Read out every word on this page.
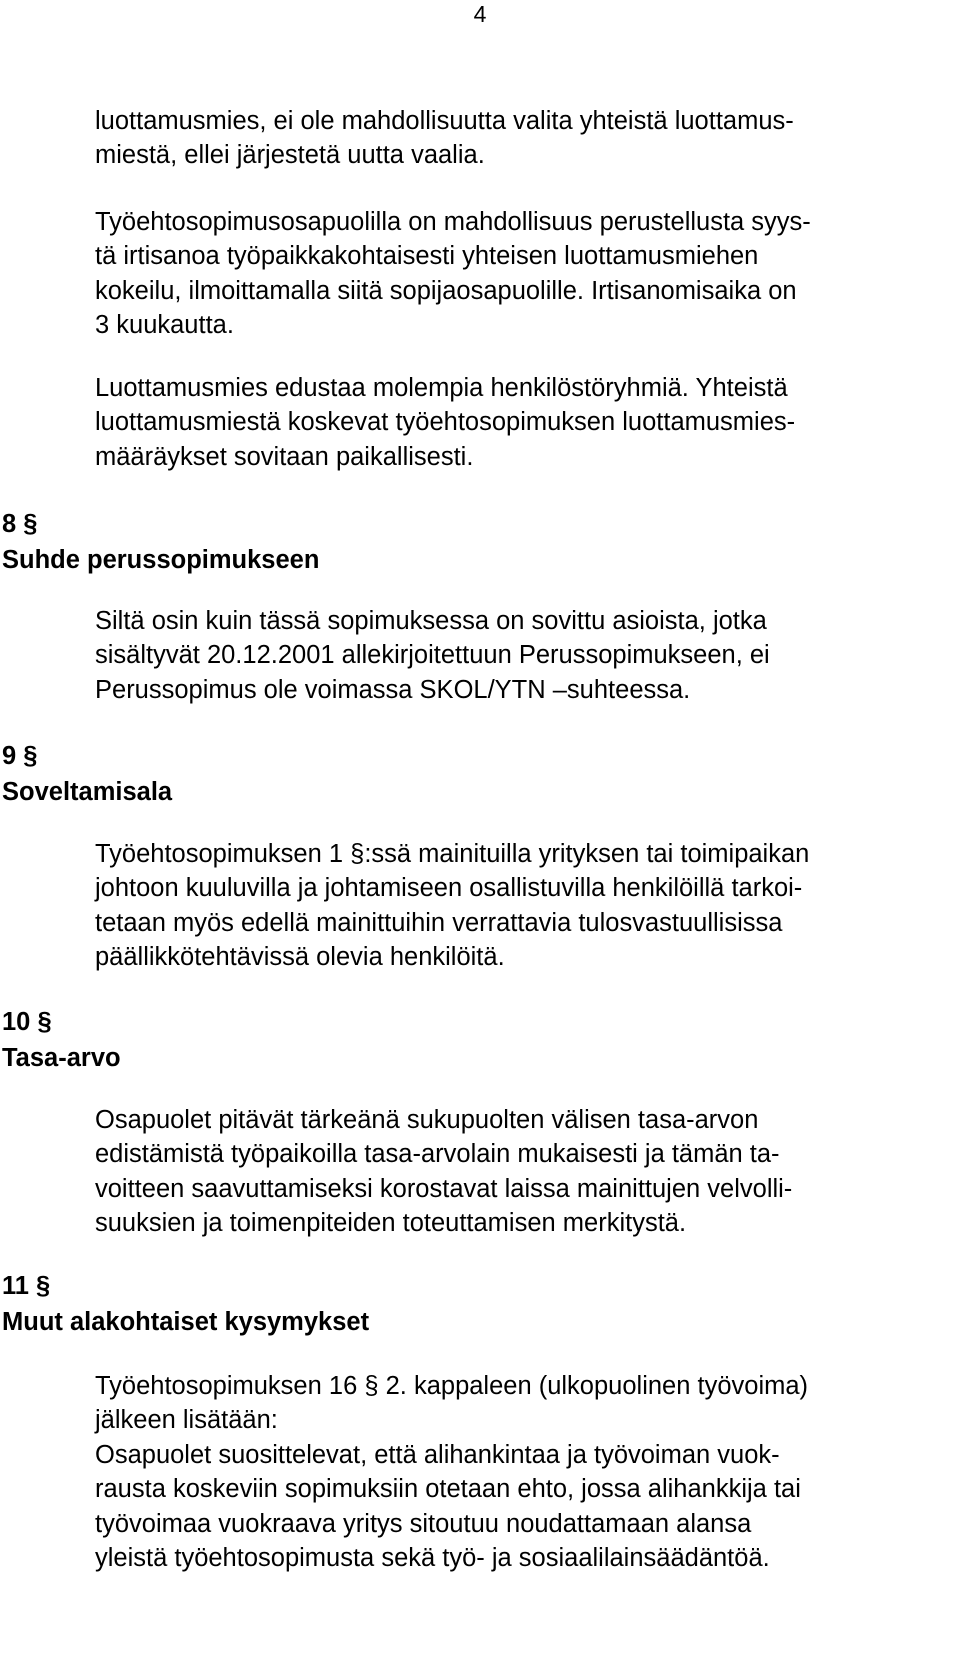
4

luottamusmies, ei ole mahdollisuutta valita yhteistä luottamus-
miestä, ellei järjestetä uutta vaalia.

Työehtosopimusosapuolilla on mahdollisuus perustellusta syys-
tä irtisanoa työpaikkakohtaisesti yhteisen luottamusmiehen
kokeilu, ilmoittamalla siitä sopijaosapuolille. Irtisanomisaika on
3 kuukautta.

Luottamusmies edustaa molempia henkilöstöryhmiä. Yhteistä
luottamusmiestä koskevat työehtosopimuksen luottamusmies-
määräykset sovitaan paikallisesti.

8 §
Suhde perussopimukseen

Siltä osin kuin tässä sopimuksessa on sovittu asioista, jotka
sisältyvät 20.12.2001 allekirjoitettuun Perussopimukseen, ei
Perussopimus ole voimassa SKOL/YTN –suhteessa.

9 §
Soveltamisala

Työehtosopimuksen 1 §:ssä mainituilla yrityksen tai toimipaikan
johtoon kuuluvilla ja johtamiseen osallistuvilla henkilöillä tarkoi-
tetaan myös edellä mainittuihin verrattavia tulosvastuullisissa
päällikkötehtävissä olevia henkilöitä.

10 §
Tasa-arvo

Osapuolet pitävät tärkeänä sukupuolten välisen tasa-arvon
edistämistä työpaikoilla tasa-arvolain mukaisesti ja tämän ta-
voitteen saavuttamiseksi korostavat laissa mainittujen velvolli-
suuksien ja toimenpiteiden toteuttamisen merkitystä.

11 §
Muut alakohtaiset kysymykset

Työehtosopimuksen 16 § 2. kappaleen (ulkopuolinen työvoima)
jälkeen lisätään:
Osapuolet suosittelevat, että alihankintaa ja työvoiman vuok-
rausta koskeviin sopimuksiin otetaan ehto, jossa alihankkija tai
työvoimaa vuokraava yritys sitoutuu noudattamaan alansa
yleistä työehtosopimusta sekä työ- ja sosiaalilainsäädäntöä.
